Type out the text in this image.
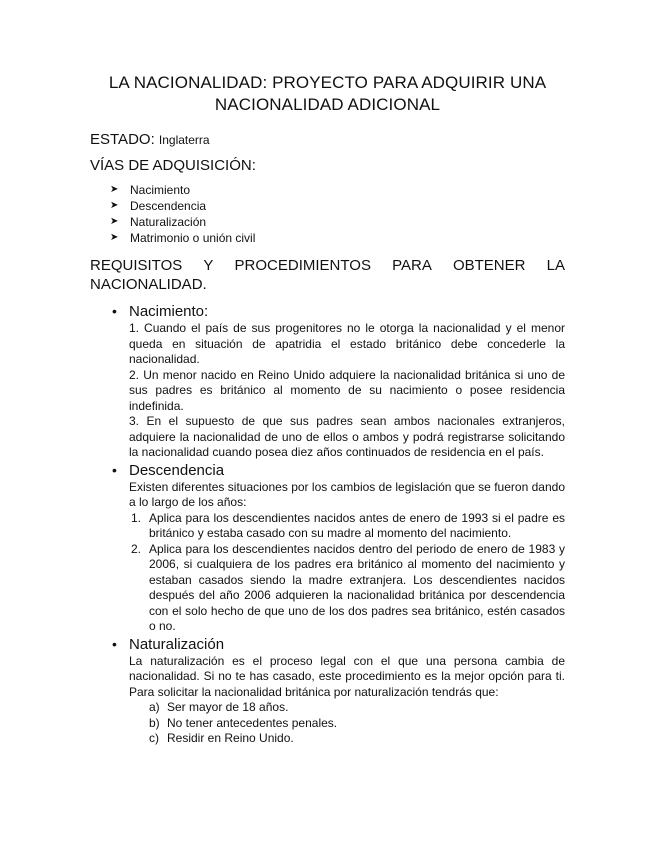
LA NACIONALIDAD: PROYECTO PARA ADQUIRIR UNA NACIONALIDAD ADICIONAL

ESTADO: Inglaterra

VÍAS DE ADQUISICIÓN:

➤ Nacimiento
➤ Descendencia
➤ Naturalización
➤ Matrimonio o unión civil
REQUISITOS Y PROCEDIMIENTOS PARA OBTENER LA
NACIONALIDAD.
• Nacimiento:

1. Cuando el país de sus progenitores no le otorga la nacionalidad y el menor queda en situación de apatridia el estado británico debe concederle la nacionalidad.

2. Un menor nacido en Reino Unido adquiere la nacionalidad británica si uno de sus padres es británico al momento de su nacimiento o posee residencia indefinida.

3. En el supuesto de que sus padres sean ambos nacionales extranjeros, adquiere la nacionalidad de uno de ellos o ambos y podrá registrarse solicitando la nacionalidad cuando posea diez años continuados de residencia en el país.

• Descendencia

Existen diferentes situaciones por los cambios de legislación que se fueron dando a lo largo de los años:

1. Aplica para los descendientes nacidos antes de enero de 1993 si el padre es británico y estaba casado con su madre al momento del nacimiento.
2. Aplica para los descendientes nacidos dentro del periodo de enero de 1983 y 2006, si cualquiera de los padres era británico al momento del nacimiento y estaban casados siendo la madre extranjera. Los descendientes nacidos después del año 2006 adquieren la nacionalidad británica por descendencia con el solo hecho de que uno de los dos padres sea británico, estén casados o no.
• Naturalización

La naturalización es el proceso legal con el que una persona cambia de nacionalidad. Si no te has casado, este procedimiento es la mejor opción para ti. Para solicitar la nacionalidad británica por naturalización tendrás que:

a) Ser mayor de 18 años.
b) No tener antecedentes penales.
c) Residir en Reino Unido.
